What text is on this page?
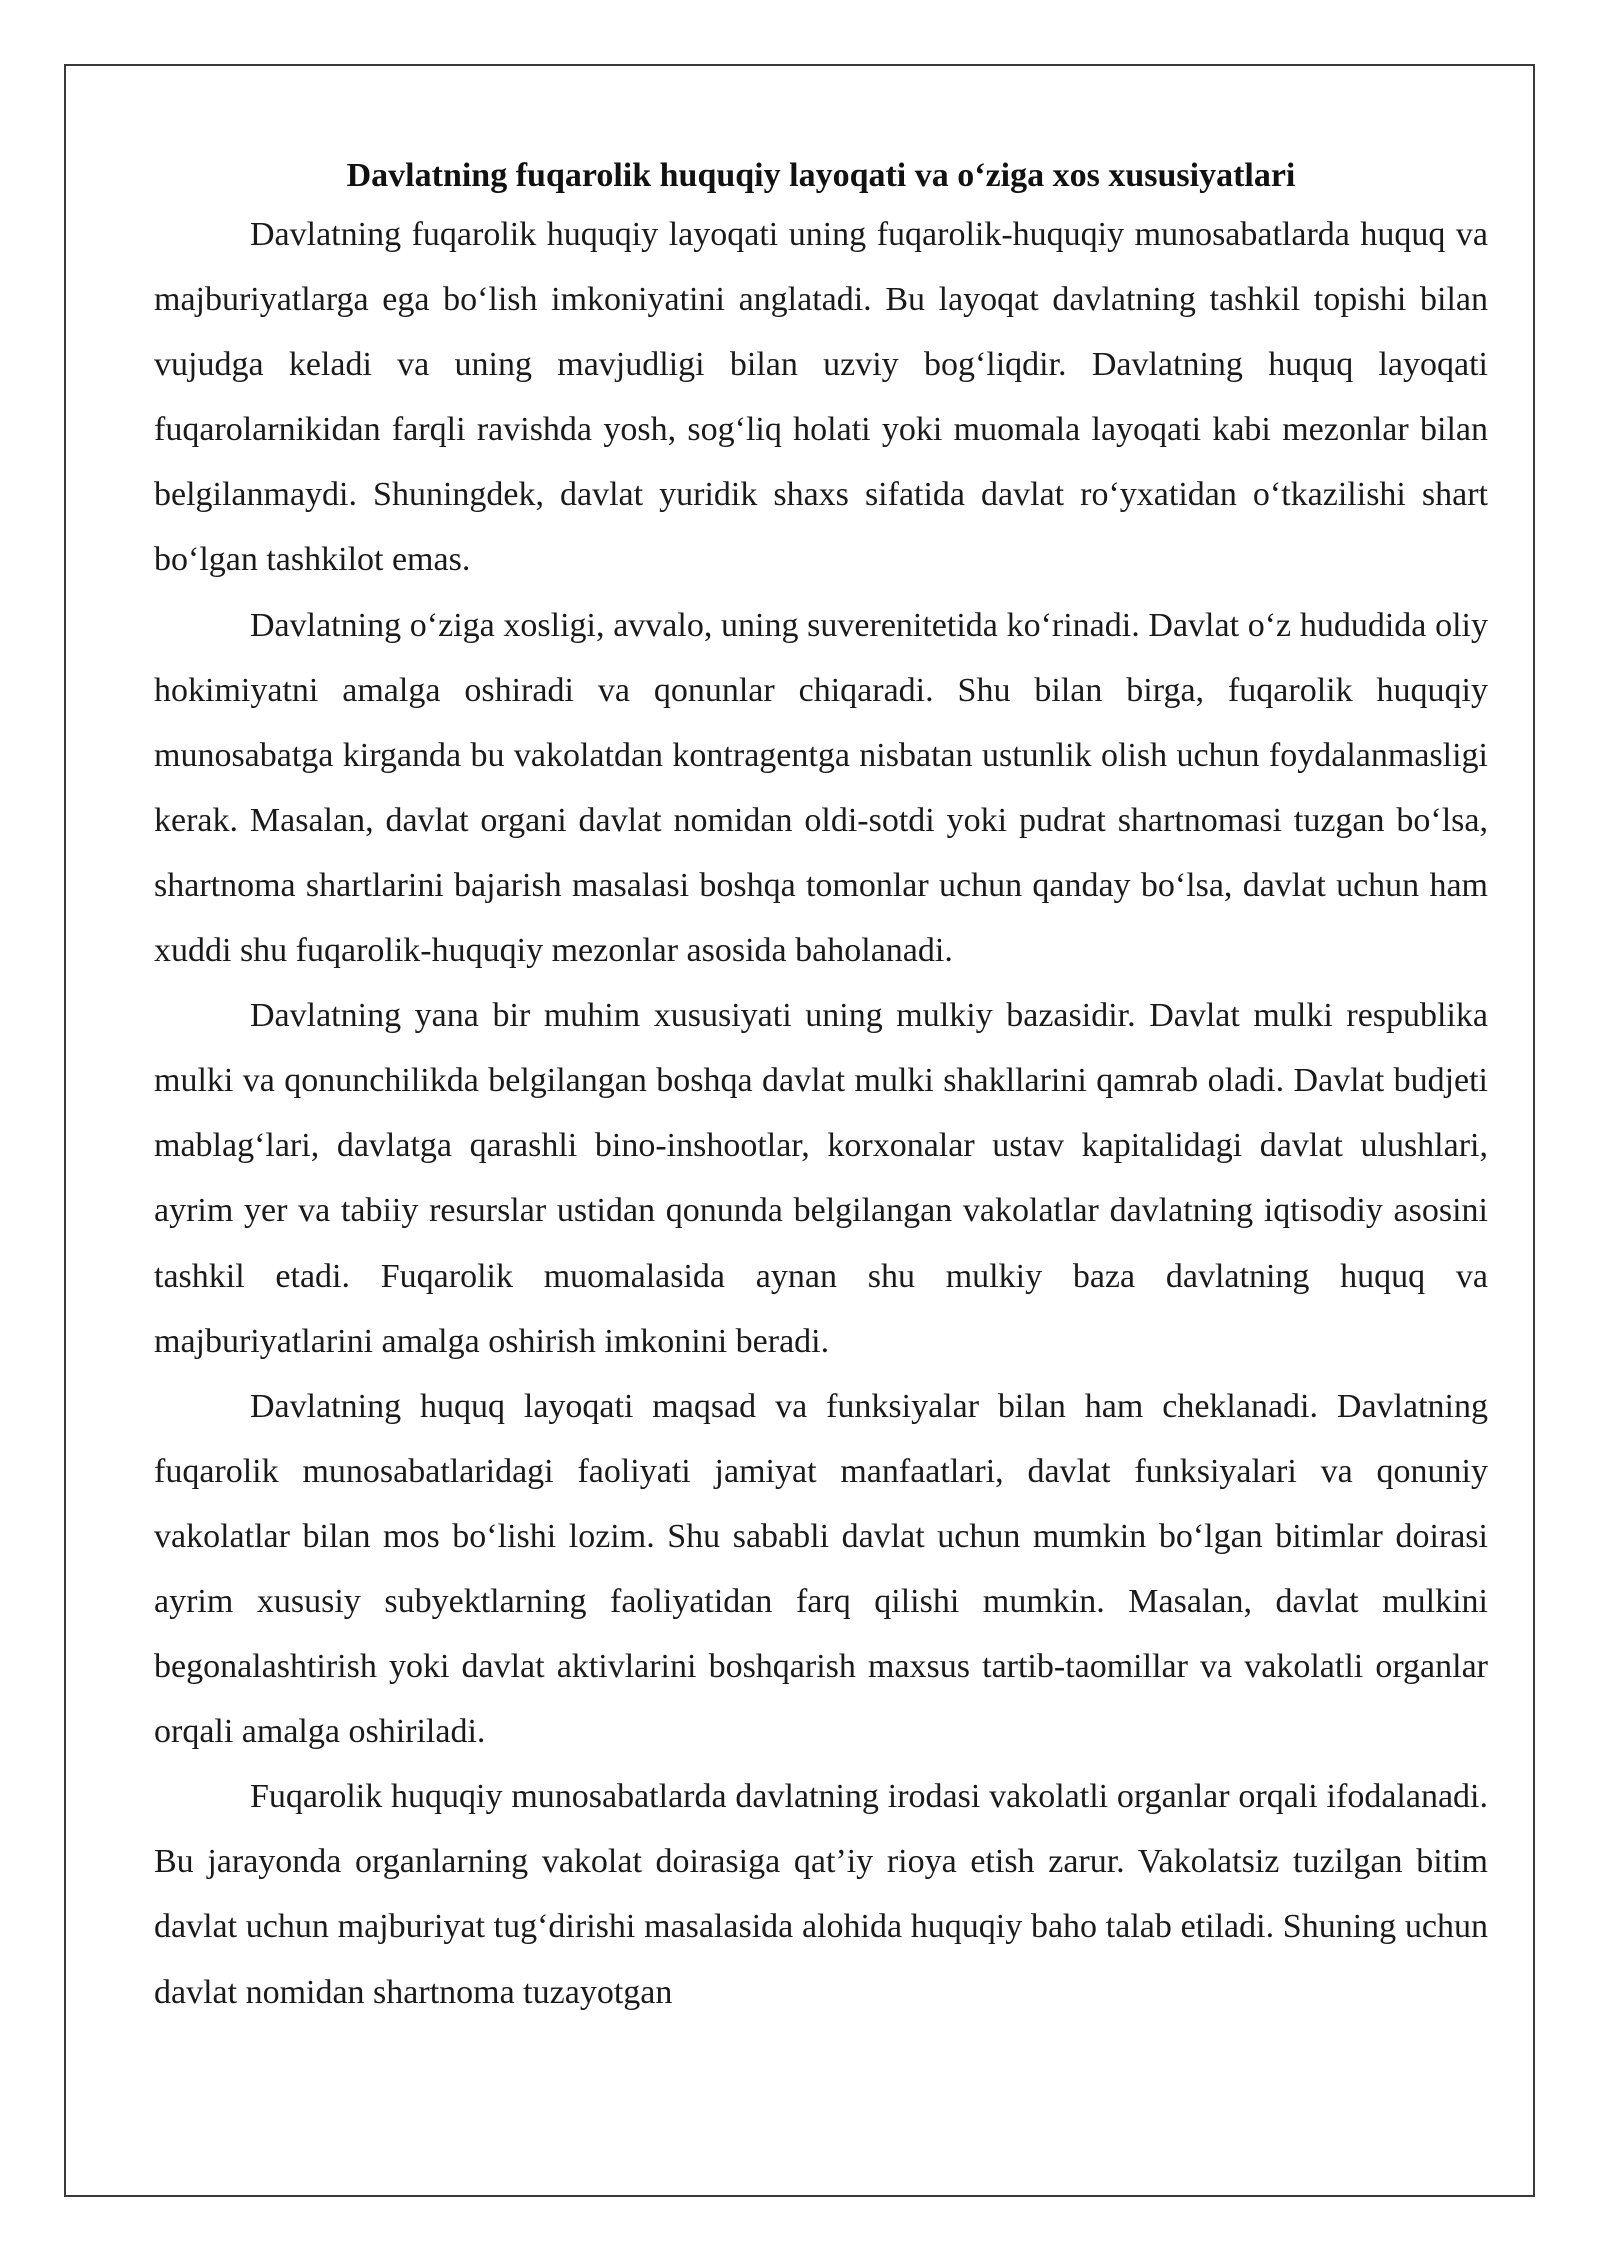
Davlatning fuqarolik huquqiy layoqati va o‘ziga xos xususiyatlari

Davlatning fuqarolik huquqiy layoqati uning fuqarolik-huquqiy munosabatlarda huquq va majburiyatlarga ega bo‘lish imkoniyatini anglatadi. Bu layoqat davlatning tashkil topishi bilan vujudga keladi va uning mavjudligi bilan uzviy bog‘liqdir. Davlatning huquq layoqati fuqarolarnikidan farqli ravishda yosh, sog‘liq holati yoki muomala layoqati kabi mezonlar bilan belgilanmaydi. Shuningdek, davlat yuridik shaxs sifatida davlat ro‘yxatidan o‘tkazilishi shart bo‘lgan tashkilot emas.

Davlatning o‘ziga xosligi, avvalo, uning suverenitetida ko‘rinadi. Davlat o‘z hududida oliy hokimiyatni amalga oshiradi va qonunlar chiqaradi. Shu bilan birga, fuqarolik huquqiy munosabatga kirganda bu vakolatdan kontragentga nisbatan ustunlik olish uchun foydalanmasligi kerak. Masalan, davlat organi davlat nomidan oldi-sotdi yoki pudrat shartnomasi tuzgan bo‘lsa, shartnoma shartlarini bajarish masalasi boshqa tomonlar uchun qanday bo‘lsa, davlat uchun ham xuddi shu fuqarolik-huquqiy mezonlar asosida baholanadi.

Davlatning yana bir muhim xususiyati uning mulkiy bazasidir. Davlat mulki respublika mulki va qonunchilikda belgilangan boshqa davlat mulki shakllarini qamrab oladi. Davlat budjeti mablag‘lari, davlatga qarashli bino-inshootlar, korxonalar ustav kapitalidagi davlat ulushlari, ayrim yer va tabiiy resurslar ustidan qonunda belgilangan vakolatlar davlatning iqtisodiy asosini tashkil etadi. Fuqarolik muomalasida aynan shu mulkiy baza davlatning huquq va majburiyatlarini amalga oshirish imkonini beradi.

Davlatning huquq layoqati maqsad va funksiyalar bilan ham cheklanadi. Davlatning fuqarolik munosabatlaridagi faoliyati jamiyat manfaatlari, davlat funksiyalari va qonuniy vakolatlar bilan mos bo‘lishi lozim. Shu sababli davlat uchun mumkin bo‘lgan bitimlar doirasi ayrim xususiy subyektlarning faoliyatidan farq qilishi mumkin. Masalan, davlat mulkini begonalashtirish yoki davlat aktivlarini boshqarish maxsus tartib-taomillar va vakolatli organlar orqali amalga oshiriladi.

Fuqarolik huquqiy munosabatlarda davlatning irodasi vakolatli organlar orqali ifodalanadi. Bu jarayonda organlarning vakolat doirasiga qat’iy rioya etish zarur. Vakolatsiz tuzilgan bitim davlat uchun majburiyat tug‘dirishi masalasida alohida huquqiy baho talab etiladi. Shuning uchun davlat nomidan shartnoma tuzayotgan
